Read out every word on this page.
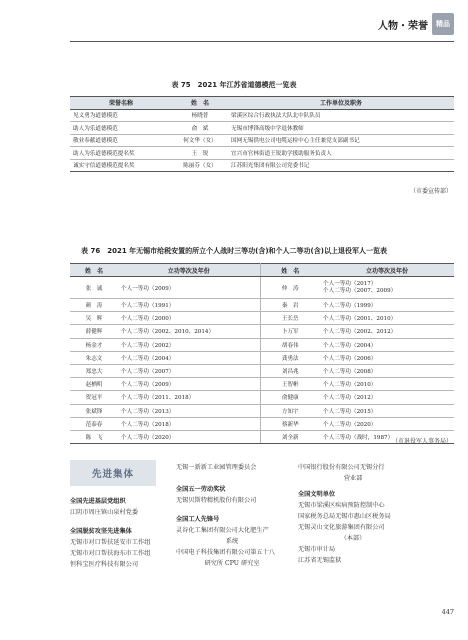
人物・荣誉	精品
表 75　2021 年江苏省道德模范一览表
荣誉名称	姓　名	工作单位及职务
见义勇为道德模范	杨晓普	梁溪区综合行政执法大队北中队队员
助人为乐道德模范	俞　斌	无锡市博锋高级中学退休教师
敬业奉献道德模范	何文华（女）	国网无锡供电公司电缆运检中心主任兼党支部副书记
助人为乐道德模范提名奖	王　锐	宜兴市官林街道王锐助学援助服务负责人
诚实守信道德模范提名奖	陈丽芬（女）	江苏阳光集团有限公司党委书记
（市委宣传部）
表 76　2021 年无锡市给税安置的所立个人战时三等功(含)和个人二等功(含)以上退役军人一览表
姓　名	立功等次及年份	姓　名	立功等次及年份
张　诚	个人一等功（2009）	仲　涛	个人一等功（2017）
个人二等功（2007、2009）

颜　涛	个人二等功（1991）	秦　岩	个人二等功（1999）
吴　辉	个人二等功（2000）	王长岳	个人二等功（2001、2010）
薛健辉	个人二等功（2002、2010、2014）	卜万军	个人二等功（2002、2012）
杨金才	个人二等功（2002）	胡春伟	个人二等功（2004）
朱志文	个人二等功（2004）	龚勇法	个人二等功（2006）
郑忠大	个人二等功（2007）	刘昌兆	个人二等功（2008）
赵栖明	个人二等功（2009）	王智彬	个人二等功（2010）
贺冠平	个人二等功（2011、2018）	俞健康	个人二等功（2012）
张斌锋	个人二等功（2013）	方知宇	个人二等功（2015）
范泰春	个人二等功（2018）	蔡新华	个人二等功（2020）
陈　飞	个人二等功（2020）	刘全新	个人三等功（战时，1987）
（市退役军人事务局）
先进集体
全国先进基层党组织
江阴市周庄镇山泉村党委
全国脱贫攻坚先进集体
无锡市对口帮扶延安市工作组
无锡市对口帮扶海东市工作组
恒科宝医疗科技有限公司
无锡一新新工业园管理委员会
全国五一劳动奖状
无锡贝斯特精机股份有限公司
全国工人先锋号
灵谷化工集团有限公司大化肥生产
系统
中国电子科技集团有限公司第五十八
研究所 CPU 研究室
中国银行股份有限公司无锡分行
营业部
全国文明单位
无锡市梁溪区疾病预防控制中心
国家税务总局无锡市惠山区税务局
无锡灵山文化旅游集团有限公司
（本部）
无锡市审计局
江苏省无锡监狱
447
